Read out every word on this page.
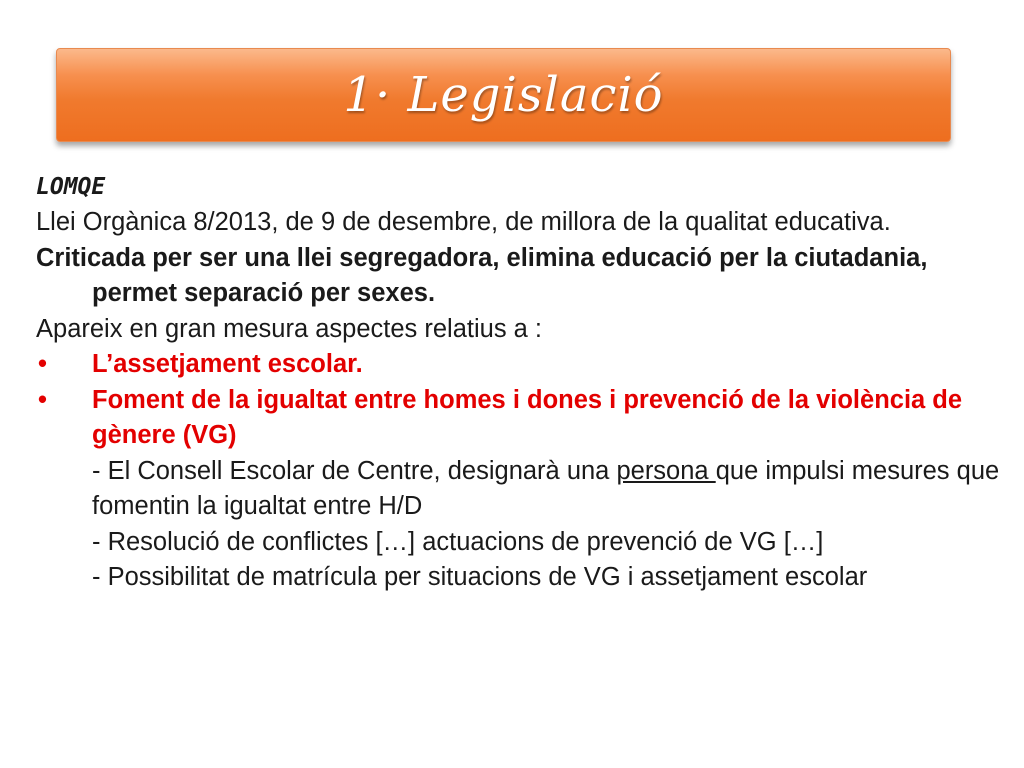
1· Legislació

LOMQE

Llei Orgànica 8/2013, de 9 de desembre, de millora de la qualitat educativa.

Criticada per ser una llei segregadora, elimina educació per la ciutadania, permet separació per sexes.

Apareix en gran mesura aspectes relatius a :

• L’assetjament escolar.
• Foment de la igualtat entre homes i dones i prevenció de la violència de gènere (VG)

- El Consell Escolar de Centre, designarà una persona que impulsi mesures que fomentin la igualtat entre H/D

- Resolució de conflictes […] actuacions de prevenció de VG […]

- Possibilitat de matrícula per situacions de VG i assetjament escolar
